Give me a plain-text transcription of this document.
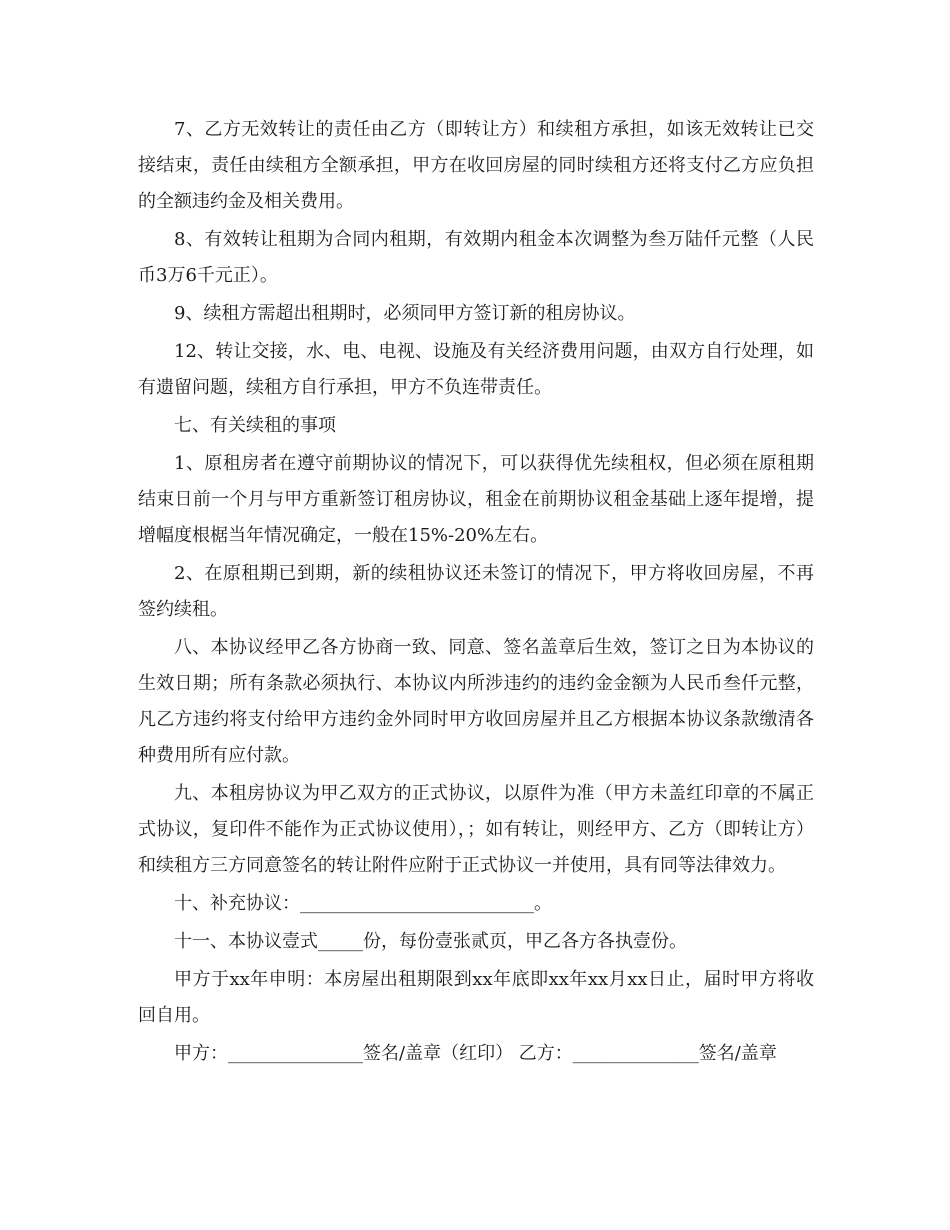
7、乙方无效转让的责任由乙方（即转让方）和续租方承担，如该无效转让已交接结束，责任由续租方全额承担，甲方在收回房屋的同时续租方还将支付乙方应负担的全额违约金及相关费用。

8、有效转让租期为合同内租期，有效期内租金本次调整为叁万陆仟元整（人民币3万6千元正）。

9、续租方需超出租期时，必须同甲方签订新的租房协议。

12、转让交接，水、电、电视、设施及有关经济费用问题，由双方自行处理，如有遗留问题，续租方自行承担，甲方不负连带责任。

七、有关续租的事项

1、原租房者在遵守前期协议的情况下，可以获得优先续租权，但必须在原租期结束日前一个月与甲方重新签订租房协议，租金在前期协议租金基础上逐年提增，提增幅度根椐当年情况确定，一般在15%-20%左右。

2、在原租期已到期，新的续租协议还未签订的情况下，甲方将收回房屋，不再签约续租。

八、本协议经甲乙各方协商一致、同意、签名盖章后生效，签订之日为本协议的生效日期；所有条款必须执行、本协议内所涉违约的违约金金额为人民币叁仟元整，凡乙方违约将支付给甲方违约金外同时甲方收回房屋并且乙方根据本协议条款缴清各种费用所有应付款。

九、本租房协议为甲乙双方的正式协议，以原件为准（甲方未盖红印章的不属正式协议，复印件不能作为正式协议使用），；如有转让，则经甲方、乙方（即转让方）和续租方三方同意签名的转让附件应附于正式协议一并使用，具有同等法律效力。

十、补充协议：__________________________。

十一、本协议壹式_____份，每份壹张贰页，甲乙各方各执壹份。

甲方于xx年申明：本房屋出租期限到xx年底即xx年xx月xx日止，届时甲方将收回自用。

甲方：_______________签名/盖章（红印） 乙方：______________签名/盖章
